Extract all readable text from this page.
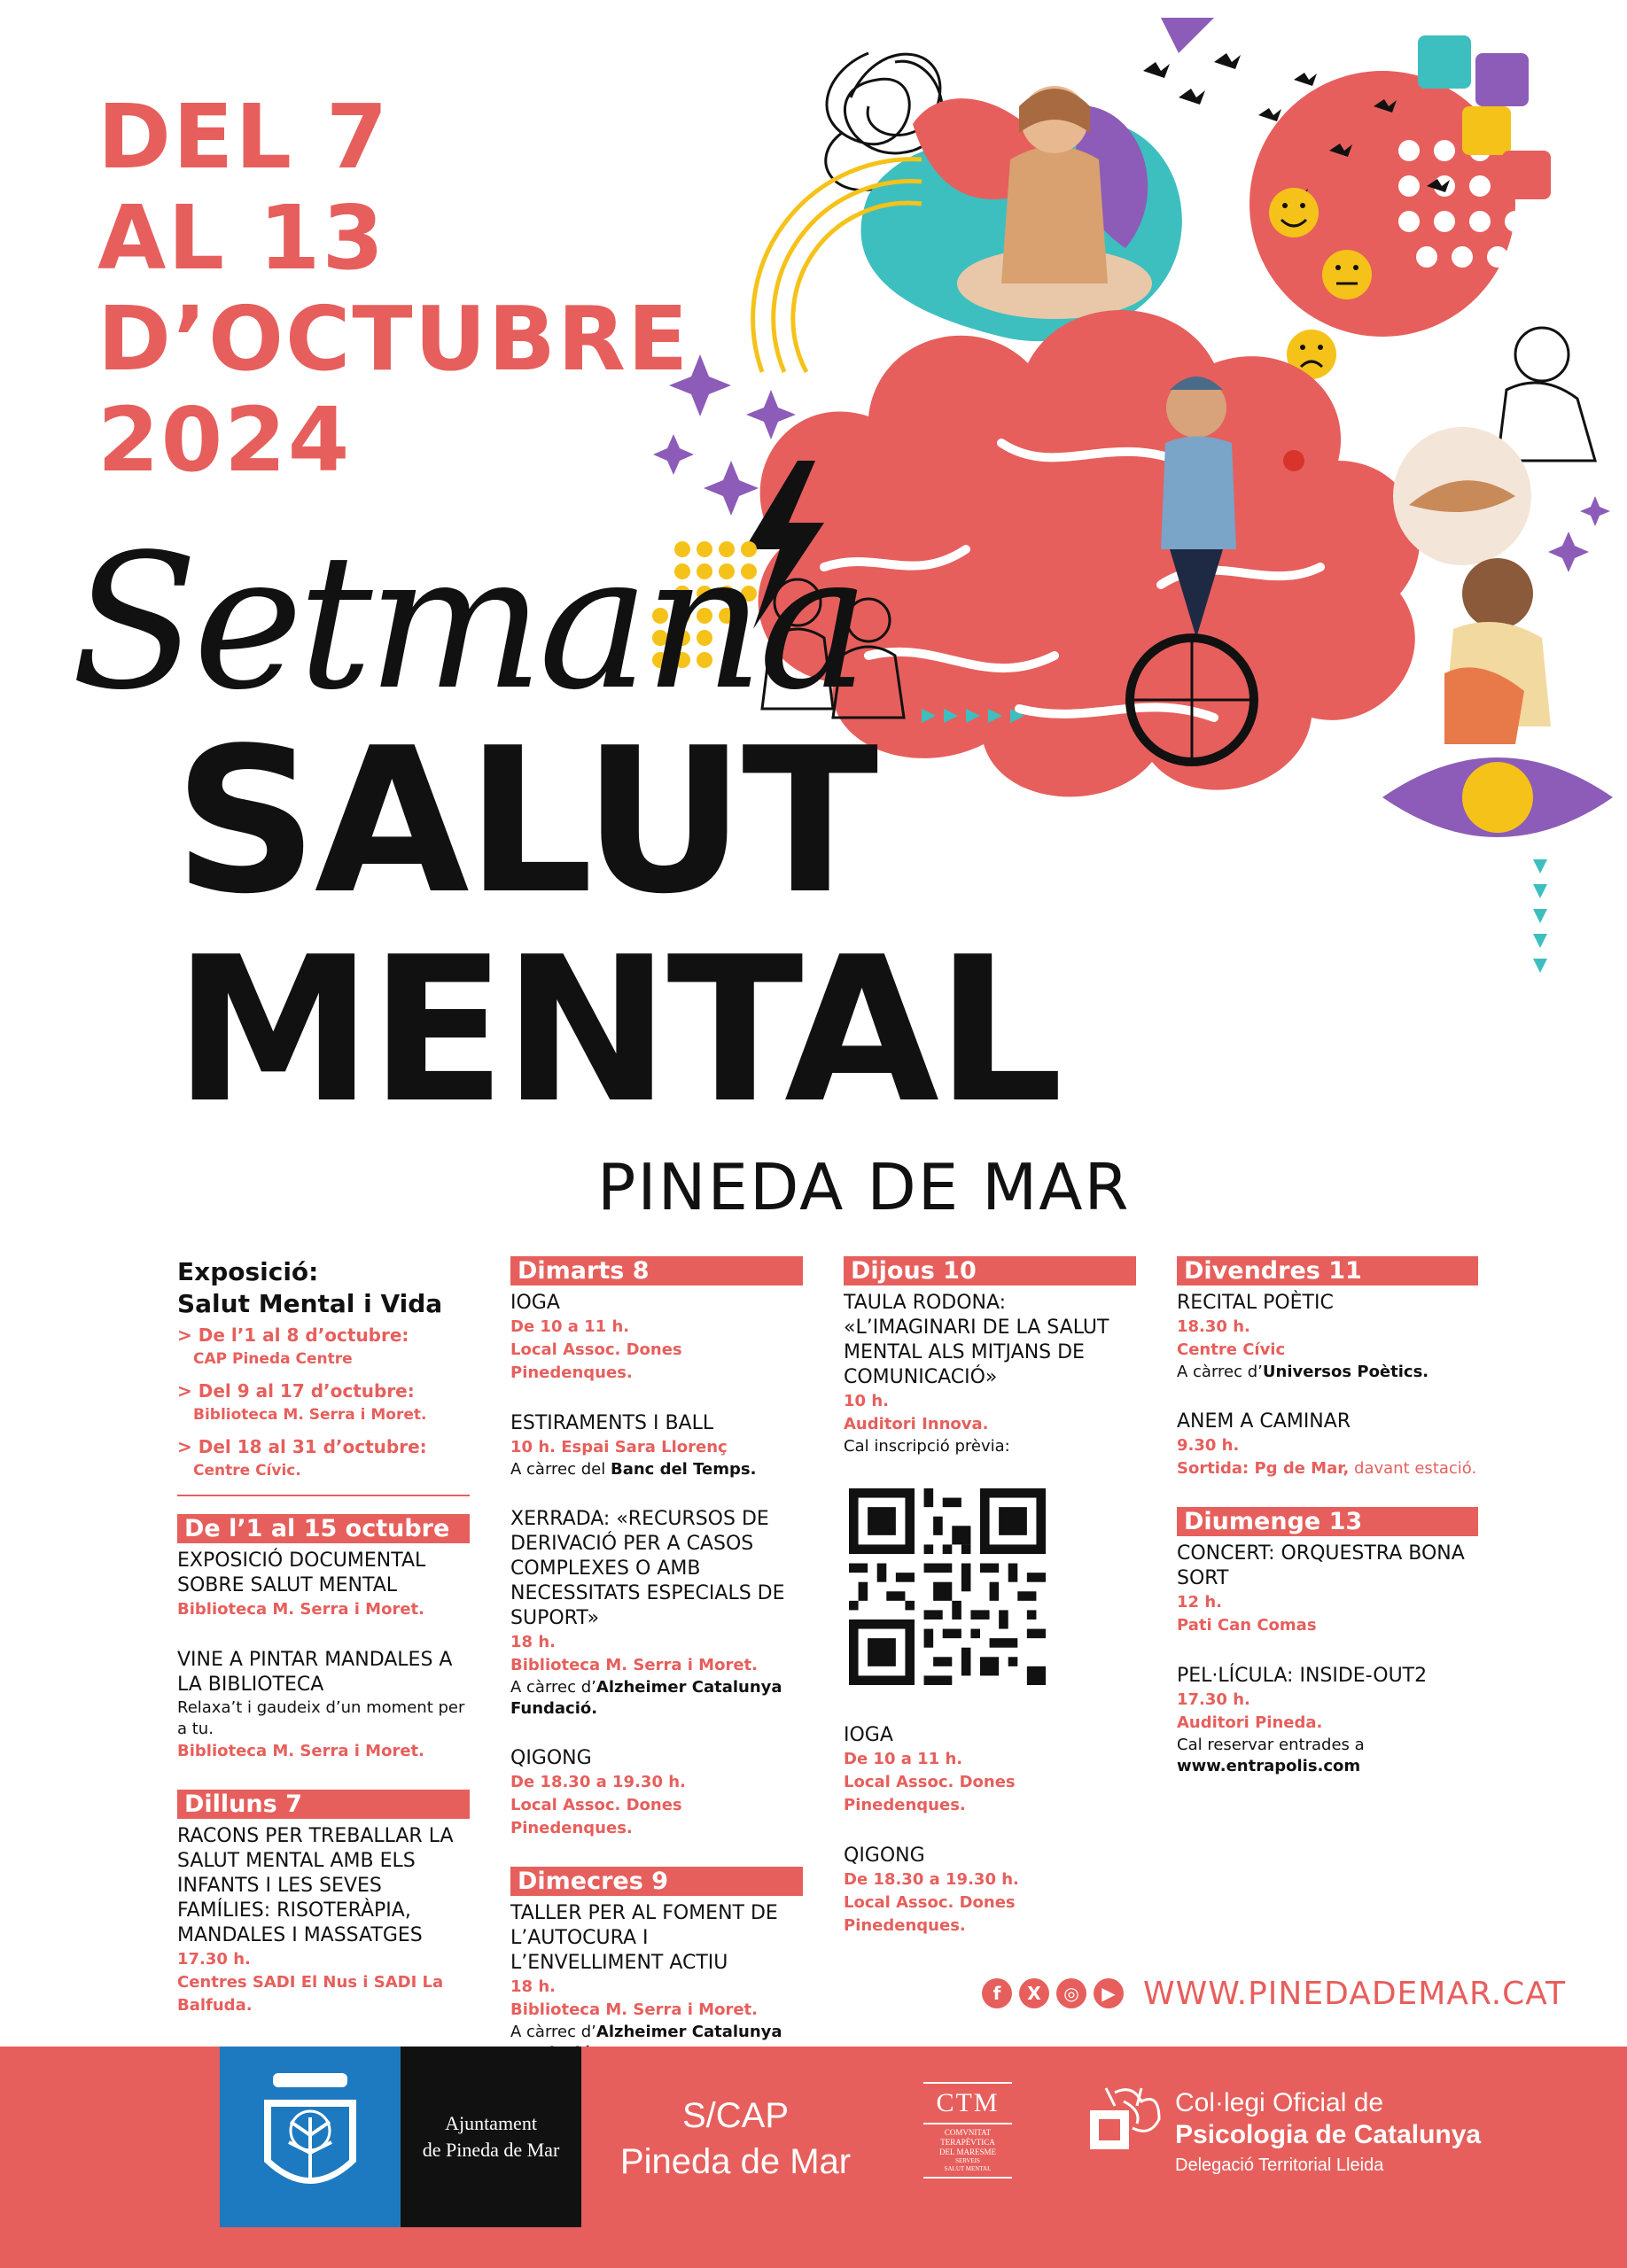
DEL 7
AL 13
D’OCTUBRE
2024
Setmana
SALUT
MENTAL
PINEDA DE MAR
Exposició:
Salut Mental i Vida
> De l’1 al 8 d’octubre:
CAP Pineda Centre
> Del 9 al 17 d’octubre:
Biblioteca M. Serra i Moret.
> Del 18 al 31 d’octubre:
Centre Cívic.
De l’1 al 15 octubre
EXPOSICIÓ DOCUMENTAL SOBRE SALUT MENTAL
Biblioteca M. Serra i Moret.
VINE A PINTAR MANDALES A LA BIBLIOTECA
Relaxa’t i gaudeix d’un moment per a tu.
Biblioteca M. Serra i Moret.
Dilluns 7
RACONS PER TREBALLAR LA SALUT MENTAL AMB ELS INFANTS I LES SEVES FAMÍLIES: RISOTERÀPIA, MANDALES I MASSATGES
17.30 h.
Centres SADI El Nus i SADI La Balfuda.
Dimarts 8
IOGA
De 10 a 11 h.
Local Assoc. Dones Pinedenques.
ESTIRAMENTS I BALL
10 h. Espai Sara Llorenç
A càrrec del Banc del Temps.
XERRADA: «RECURSOS DE DERIVACIÓ PER A CASOS COMPLEXES O AMB NECESSITATS ESPECIALS DE SUPORT»
18 h.
Biblioteca M. Serra i Moret.
A càrrec d’Alzheimer Catalunya Fundació.
QIGONG
De 18.30 a 19.30 h.
Local Assoc. Dones Pinedenques.
Dimecres 9
TALLER PER AL FOMENT DE L’AUTOCURA I L’ENVELLIMENT ACTIU
18 h.
Biblioteca M. Serra i Moret.
A càrrec d’Alzheimer Catalunya
Dijous 10
TAULA RODONA: «L’IMAGINARI DE LA SALUT MENTAL ALS MITJANS DE COMUNICACIÓ»
10 h.
Auditori Innova.
Cal inscripció prèvia:
IOGA
De 10 a 11 h.
Local Assoc. Dones Pinedenques.
QIGONG
De 18.30 a 19.30 h.
Local Assoc. Dones Pinedenques.
Divendres 11
RECITAL POÈTIC
18.30 h.
Centre Cívic
A càrrec d’Universos Poètics.
ANEM A CAMINAR
9.30 h.
Sortida: Pg de Mar, davant estació.
Diumenge 13
CONCERT: ORQUESTRA BONA SORT
12 h.
Pati Can Comas
PEL·LÍCULA: INSIDE-OUT2
17.30 h.
Auditori Pineda.
Cal reservar entrades a
www.entrapolis.com
f	X	◎	▶ WWW.PINEDADEMAR.CAT
Ajuntament
de Pineda de Mar
S/CAP
Pineda de Mar
CTM
COMVNITAT
TERAPÈVTICA
DEL MARESME
SERVEIS
SALUT MENTAL
Col·legi Oficial de
Psicologia de Catalunya
Delegació Territorial Lleida
